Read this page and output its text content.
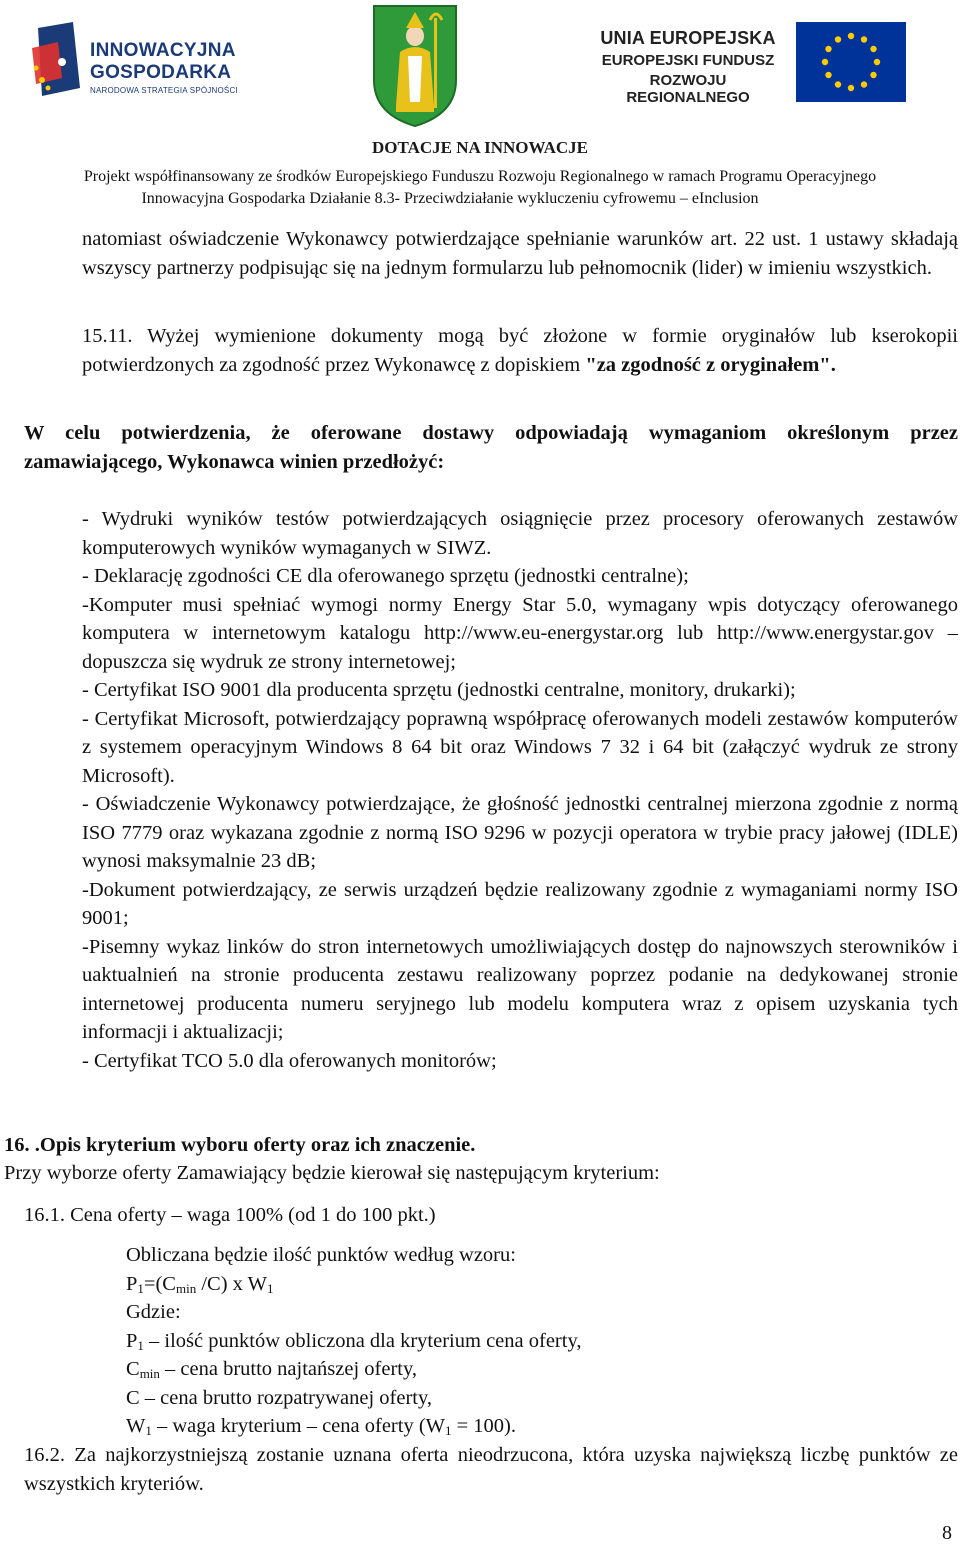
INNOWACYJNA
GOSPODARKA
NARODOWA STRATEGIA SPÓJNOŚCI
UNIA EUROPEJSKA
EUROPEJSKI FUNDUSZ
ROZWOJU REGIONALNEGO
DOTACJE NA INNOWACJE
Projekt współfinansowany ze środków Europejskiego Funduszu Rozwoju Regionalnego w ramach Programu Operacyjnego
Innowacyjna Gospodarka Działanie 8.3- Przeciwdziałanie wykluczeniu cyfrowemu – eInclusion
natomiast oświadczenie Wykonawcy potwierdzające spełnianie warunków art. 22 ust. 1 ustawy składają wszyscy partnerzy podpisując się na jednym formularzu lub pełnomocnik (lider) w imieniu wszystkich.
15.11. Wyżej wymienione dokumenty mogą być złożone w formie oryginałów lub kserokopii potwierdzonych za zgodność przez Wykonawcę z dopiskiem "za zgodność z oryginałem".
W celu potwierdzenia, że oferowane dostawy odpowiadają wymaganiom określonym przez zamawiającego, Wykonawca winien przedłożyć:
- Wydruki wyników testów potwierdzających osiągnięcie przez procesory oferowanych zestawów komputerowych wyników wymaganych w SIWZ.
- Deklarację zgodności CE dla oferowanego sprzętu (jednostki centralne);
-Komputer musi spełniać wymogi normy Energy Star 5.0, wymagany wpis dotyczący oferowanego komputera w internetowym katalogu http://www.eu-energystar.org lub http://www.energystar.gov – dopuszcza się wydruk ze strony internetowej;
- Certyfikat ISO 9001 dla producenta sprzętu (jednostki centralne, monitory, drukarki);
- Certyfikat Microsoft, potwierdzający poprawną współpracę oferowanych modeli zestawów komputerów z systemem operacyjnym Windows 8 64 bit oraz Windows 7 32 i 64 bit (załączyć wydruk ze strony Microsoft).
- Oświadczenie Wykonawcy potwierdzające, że głośność jednostki centralnej mierzona zgodnie z normą ISO 7779 oraz wykazana zgodnie z normą ISO 9296 w pozycji operatora w trybie pracy jałowej (IDLE) wynosi maksymalnie 23 dB;
-Dokument potwierdzający, ze serwis urządzeń będzie realizowany zgodnie z wymaganiami normy ISO 9001;
-Pisemny wykaz linków do stron internetowych umożliwiających dostęp do najnowszych sterowników i uaktualnień na stronie producenta zestawu realizowany poprzez podanie na dedykowanej stronie internetowej producenta numeru seryjnego lub modelu komputera wraz z opisem uzyskania tych informacji i aktualizacji;
- Certyfikat TCO 5.0 dla oferowanych monitorów;
16. .Opis kryterium wyboru oferty oraz ich znaczenie.
Przy wyborze oferty Zamawiający będzie kierował się następującym kryterium:
16.1. Cena oferty – waga 100% (od 1 do 100 pkt.)
Obliczana będzie ilość punktów według wzoru:
$P_1=(C_{min}$ /C) x $W_1$
Gdzie:
$P_1$ – ilość punktów obliczona dla kryterium cena oferty,
$C_{min}$ – cena brutto najtańszej oferty,
C – cena brutto rozpatrywanej oferty,
$W_1$ – waga kryterium – cena oferty $(W_1 = 100)$.
16.2. Za najkorzystniejszą zostanie uznana oferta nieodrzucona, która uzyska największą liczbę punktów ze wszystkich kryteriów.
8
